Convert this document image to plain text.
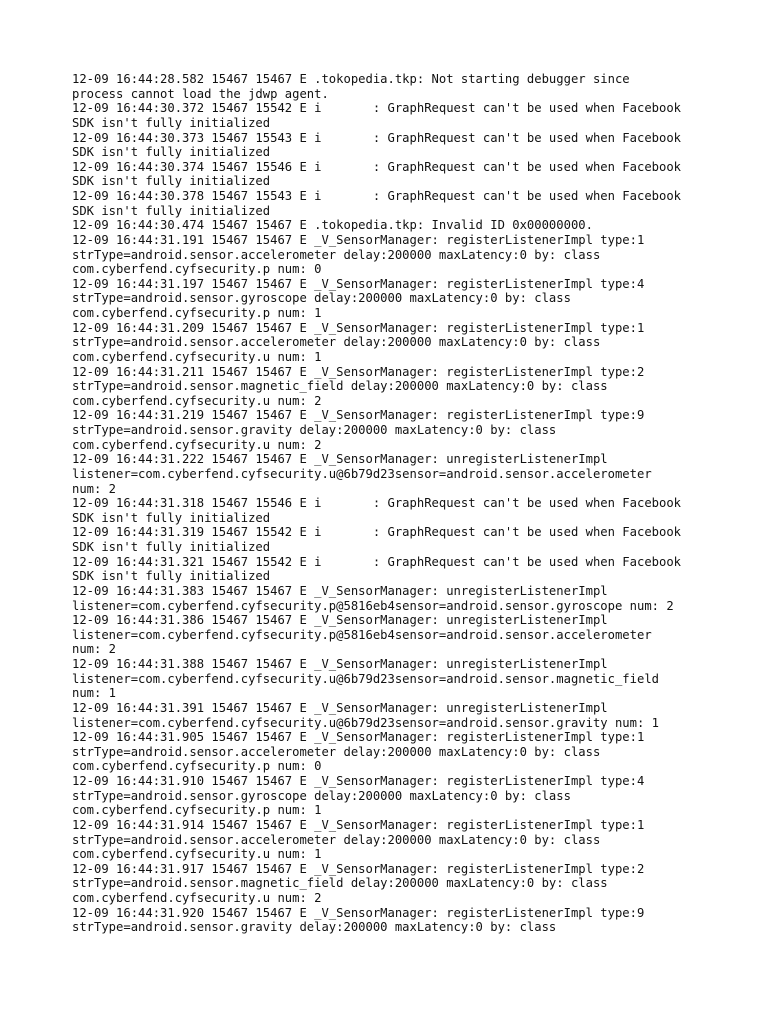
12-09 16:44:28.582 15467 15467 E .tokopedia.tkp: Not starting debugger since
process cannot load the jdwp agent.
12-09 16:44:30.372 15467 15542 E i       : GraphRequest can't be used when Facebook
SDK isn't fully initialized
12-09 16:44:30.373 15467 15543 E i       : GraphRequest can't be used when Facebook
SDK isn't fully initialized
12-09 16:44:30.374 15467 15546 E i       : GraphRequest can't be used when Facebook
SDK isn't fully initialized
12-09 16:44:30.378 15467 15543 E i       : GraphRequest can't be used when Facebook
SDK isn't fully initialized
12-09 16:44:30.474 15467 15467 E .tokopedia.tkp: Invalid ID 0x00000000.
12-09 16:44:31.191 15467 15467 E _V_SensorManager: registerListenerImpl type:1
strType=android.sensor.accelerometer delay:200000 maxLatency:0 by: class
com.cyberfend.cyfsecurity.p num: 0
12-09 16:44:31.197 15467 15467 E _V_SensorManager: registerListenerImpl type:4
strType=android.sensor.gyroscope delay:200000 maxLatency:0 by: class
com.cyberfend.cyfsecurity.p num: 1
12-09 16:44:31.209 15467 15467 E _V_SensorManager: registerListenerImpl type:1
strType=android.sensor.accelerometer delay:200000 maxLatency:0 by: class
com.cyberfend.cyfsecurity.u num: 1
12-09 16:44:31.211 15467 15467 E _V_SensorManager: registerListenerImpl type:2
strType=android.sensor.magnetic_field delay:200000 maxLatency:0 by: class
com.cyberfend.cyfsecurity.u num: 2
12-09 16:44:31.219 15467 15467 E _V_SensorManager: registerListenerImpl type:9
strType=android.sensor.gravity delay:200000 maxLatency:0 by: class
com.cyberfend.cyfsecurity.u num: 2
12-09 16:44:31.222 15467 15467 E _V_SensorManager: unregisterListenerImpl
listener=com.cyberfend.cyfsecurity.u@6b79d23sensor=android.sensor.accelerometer
num: 2
12-09 16:44:31.318 15467 15546 E i       : GraphRequest can't be used when Facebook
SDK isn't fully initialized
12-09 16:44:31.319 15467 15542 E i       : GraphRequest can't be used when Facebook
SDK isn't fully initialized
12-09 16:44:31.321 15467 15542 E i       : GraphRequest can't be used when Facebook
SDK isn't fully initialized
12-09 16:44:31.383 15467 15467 E _V_SensorManager: unregisterListenerImpl
listener=com.cyberfend.cyfsecurity.p@5816eb4sensor=android.sensor.gyroscope num: 2
12-09 16:44:31.386 15467 15467 E _V_SensorManager: unregisterListenerImpl
listener=com.cyberfend.cyfsecurity.p@5816eb4sensor=android.sensor.accelerometer
num: 2
12-09 16:44:31.388 15467 15467 E _V_SensorManager: unregisterListenerImpl
listener=com.cyberfend.cyfsecurity.u@6b79d23sensor=android.sensor.magnetic_field
num: 1
12-09 16:44:31.391 15467 15467 E _V_SensorManager: unregisterListenerImpl
listener=com.cyberfend.cyfsecurity.u@6b79d23sensor=android.sensor.gravity num: 1
12-09 16:44:31.905 15467 15467 E _V_SensorManager: registerListenerImpl type:1
strType=android.sensor.accelerometer delay:200000 maxLatency:0 by: class
com.cyberfend.cyfsecurity.p num: 0
12-09 16:44:31.910 15467 15467 E _V_SensorManager: registerListenerImpl type:4
strType=android.sensor.gyroscope delay:200000 maxLatency:0 by: class
com.cyberfend.cyfsecurity.p num: 1
12-09 16:44:31.914 15467 15467 E _V_SensorManager: registerListenerImpl type:1
strType=android.sensor.accelerometer delay:200000 maxLatency:0 by: class
com.cyberfend.cyfsecurity.u num: 1
12-09 16:44:31.917 15467 15467 E _V_SensorManager: registerListenerImpl type:2
strType=android.sensor.magnetic_field delay:200000 maxLatency:0 by: class
com.cyberfend.cyfsecurity.u num: 2
12-09 16:44:31.920 15467 15467 E _V_SensorManager: registerListenerImpl type:9
strType=android.sensor.gravity delay:200000 maxLatency:0 by: class
